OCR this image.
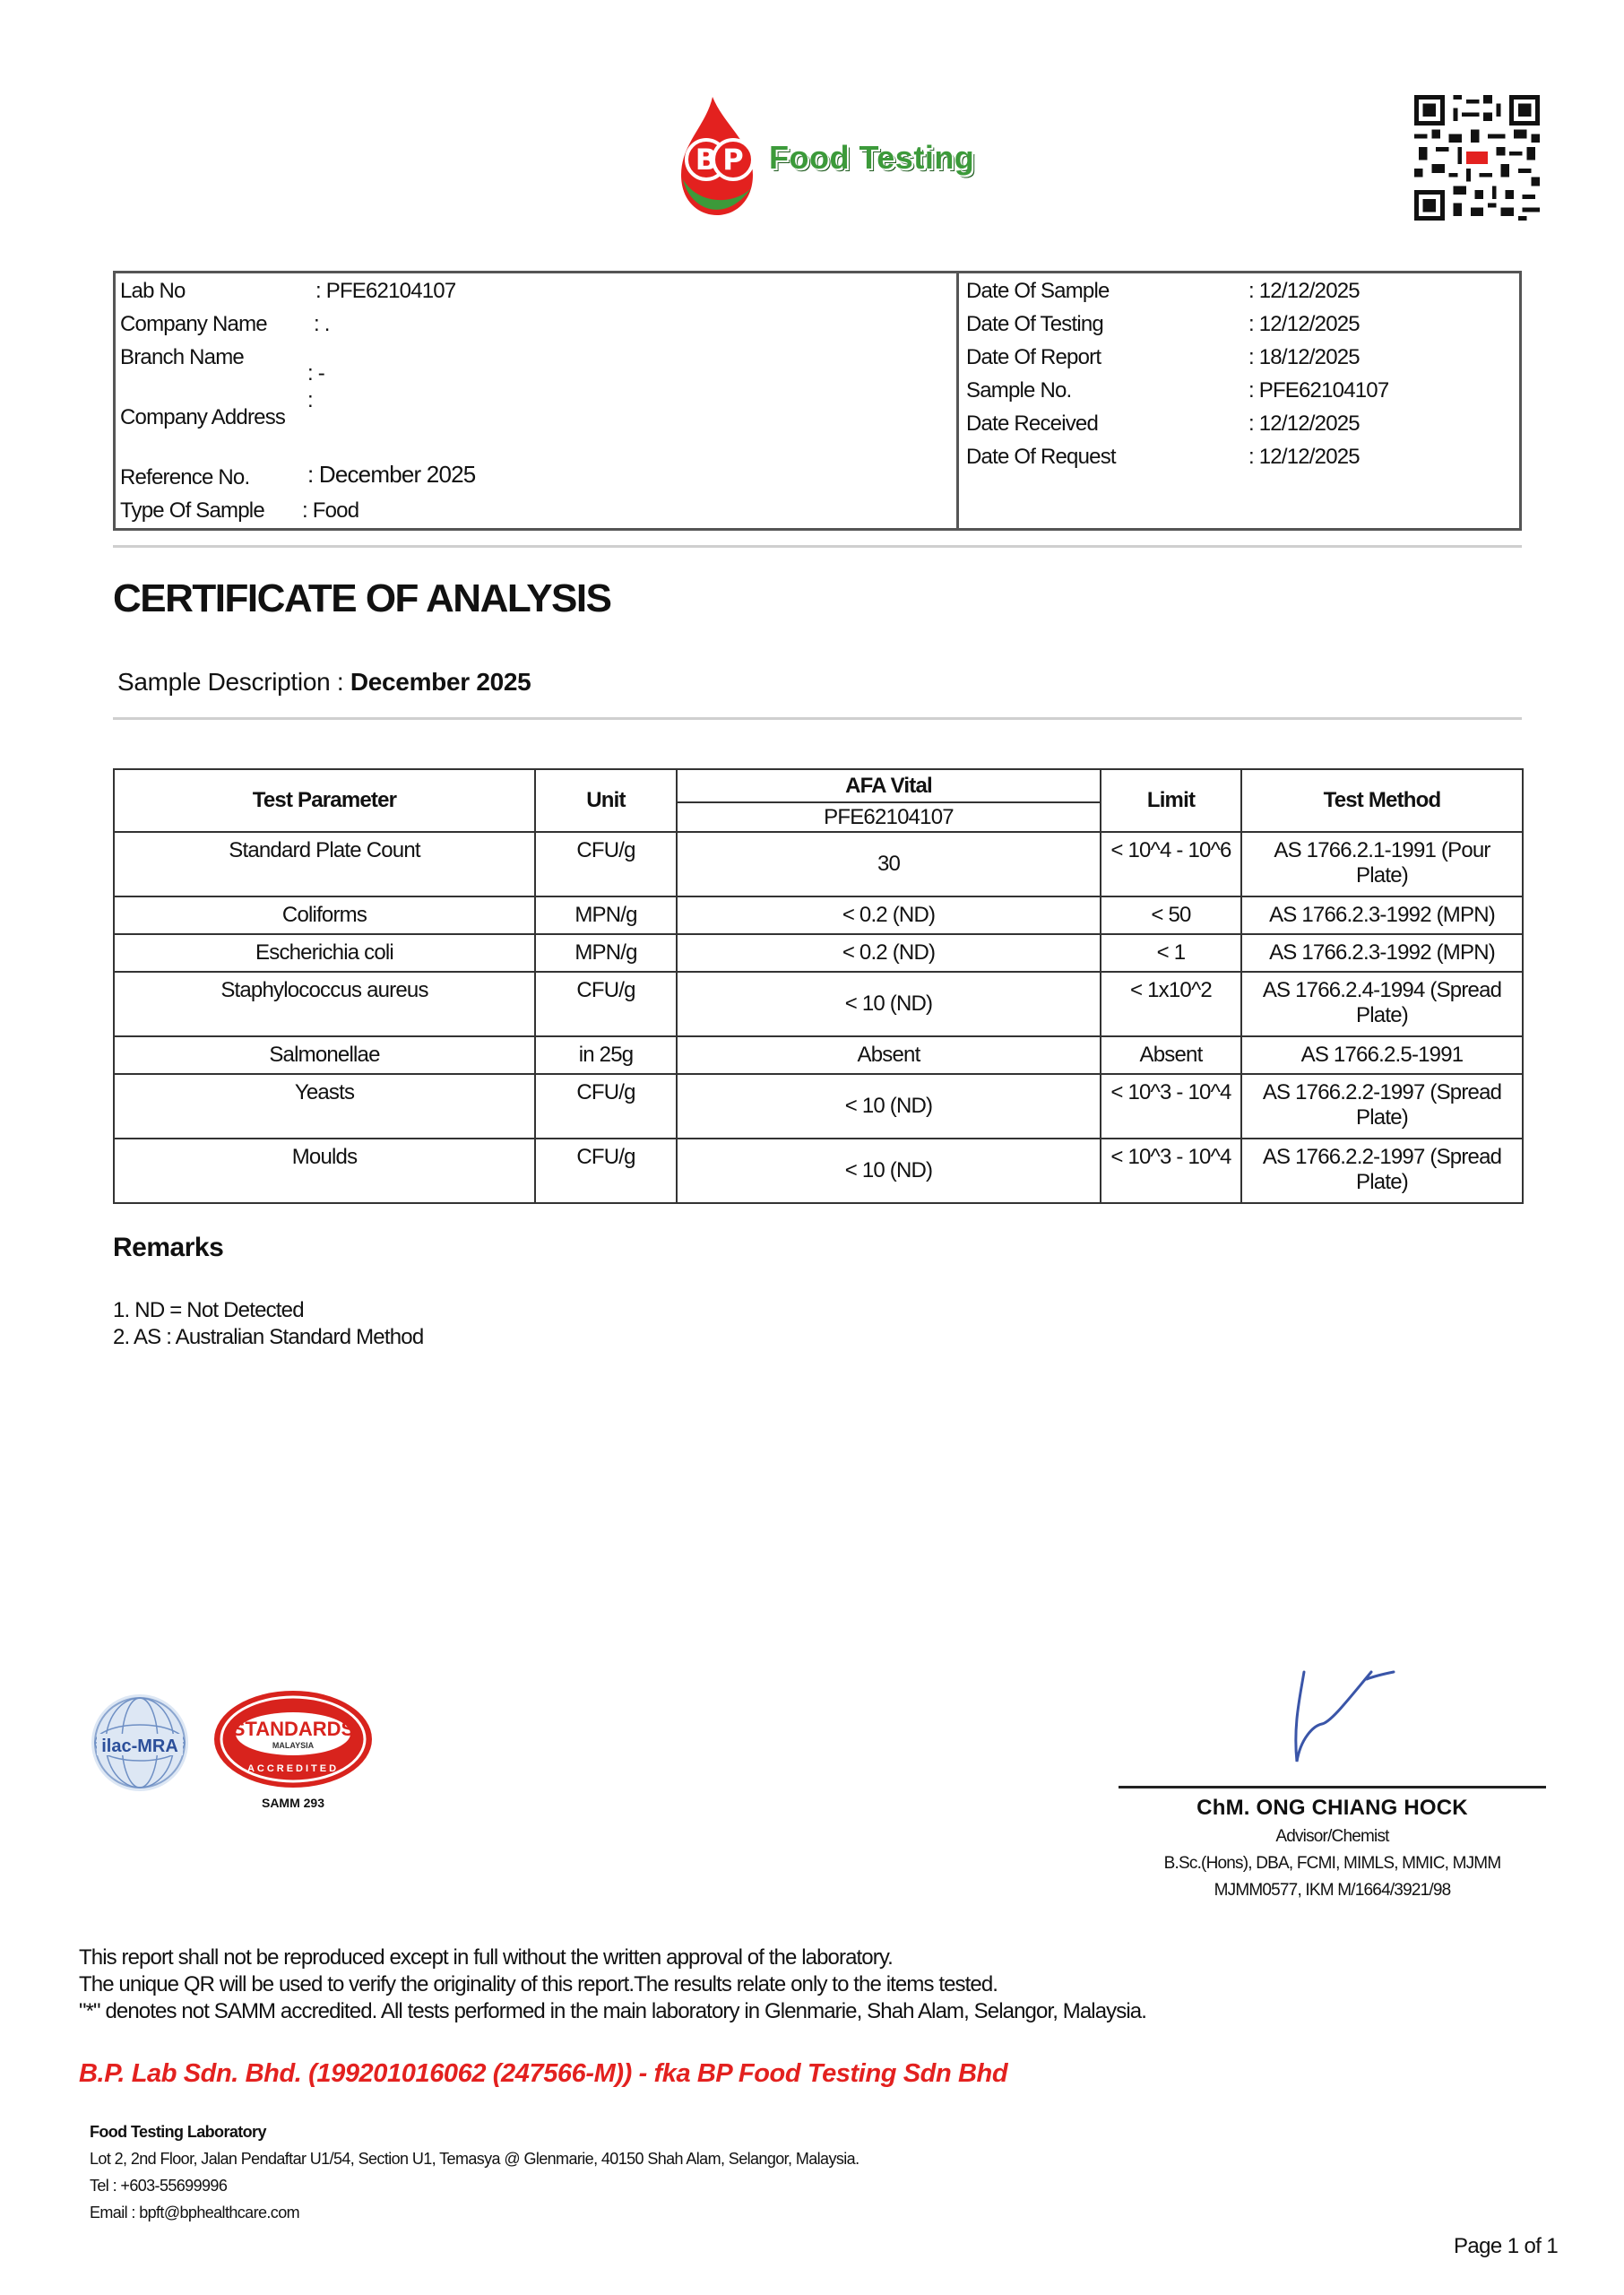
B P Food Testing
Lab No	: PFE62104107
Company Name : .
Branch Name
: -
Company Address
:
Reference No. : December 2025
Type Of Sample : Food
Date Of Sample	: 12/12/2025
Date Of Testing	: 12/12/2025
Date Of Report	: 18/12/2025
Sample No.	: PFE62104107
Date Received	: 12/12/2025
Date Of Request	: 12/12/2025
CERTIFICATE OF ANALYSIS
Sample Description : December 2025
Test Parameter	Unit	AFA Vital	Limit	Test Method
		PFE62104107		
Standard Plate Count	CFU/g	30	< 10^4 - 10^6	AS 1766.2.1-1991 (Pour Plate)
Coliforms	MPN/g	< 0.2 (ND)	< 50	AS 1766.2.3-1992 (MPN)
Escherichia coli	MPN/g	< 0.2 (ND)	< 1	AS 1766.2.3-1992 (MPN)
Staphylococcus aureus	CFU/g	< 10 (ND)	< 1x10^2	AS 1766.2.4-1994 (Spread Plate)
Salmonellae	in 25g	Absent	Absent	AS 1766.2.5-1991
Yeasts	CFU/g	< 10 (ND)	< 10^3 - 10^4	AS 1766.2.2-1997 (Spread Plate)
Moulds	CFU/g	< 10 (ND)	< 10^3 - 10^4	AS 1766.2.2-1997 (Spread Plate)
Remarks
1. ND = Not Detected
2. AS : Australian Standard Method
ilac-MRA
STANDARDS
MALAYSIA
ACCREDITED
SAMM 293	ChM. ONG CHIANG HOCK
Advisor/Chemist
B.Sc.(Hons), DBA, FCMI, MIMLS, MMIC, MJMM
MJMM0577, IKM M/1664/3921/98
This report shall not be reproduced except in full without the written approval of the laboratory.
The unique QR will be used to verify the originality of this report.The results relate only to the items tested.
"*" denotes not SAMM accredited. All tests performed in the main laboratory in Glenmarie, Shah Alam, Selangor, Malaysia.
B.P. Lab Sdn. Bhd. (199201016062 (247566-M)) - fka BP Food Testing Sdn Bhd
Food Testing Laboratory
Lot 2, 2nd Floor, Jalan Pendaftar U1/54, Section U1, Temasya @ Glenmarie, 40150 Shah Alam, Selangor, Malaysia.
Tel : +603-55699996
Email : bpft@bphealthcare.com
Page 1 of 1
